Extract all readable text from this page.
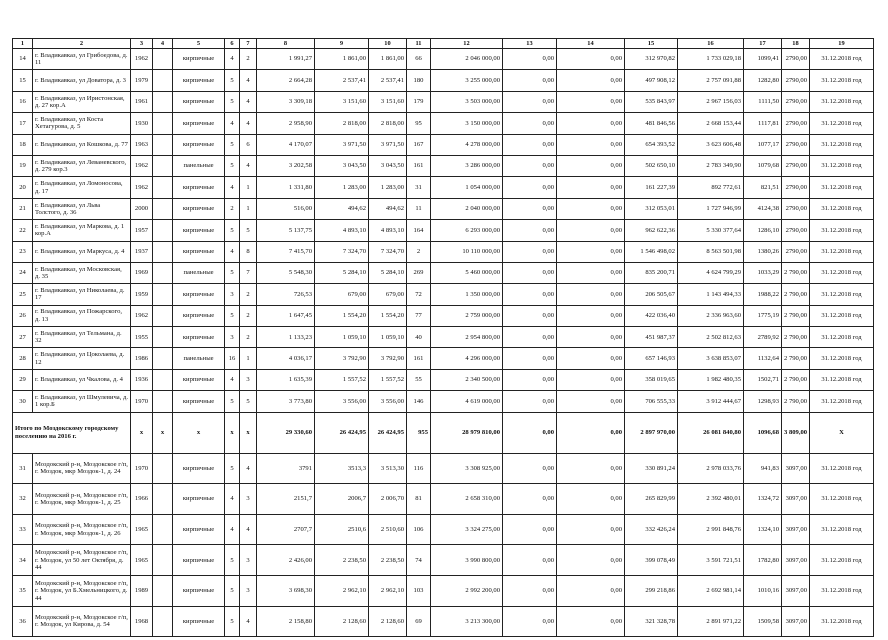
1	2	3	4	5	6	7	8	9	10	11	12	13	14	15	16	17	18	19
14	г. Владикавказ, ул Грибоедова, д. 11	1962		кирпичные	4	2	1 991,27	1 861,00	1 861,00	66	2 046 000,00	0,00	0,00	312 970,82	1 733 029,18	1099,41	2790,00	31.12.2018 год
15	г. Владикавказ, ул Доватора, д. 3	1979		кирпичные	5	4	2 664,28	2 537,41	2 537,41	180	3 255 000,00	0,00	0,00	497 908,12	2 757 091,88	1282,80	2790,00	31.12.2018 год
16	г. Владикавказ, ул Иристонская, д. 27 кор.А	1961		кирпичные	5	4	3 309,18	3 151,60	3 151,60	179	3 503 000,00	0,00	0,00	535 843,97	2 967 156,03	1111,50	2790,00	31.12.2018 год
17	г. Владикавказ, ул Коста Хетагурова, д. 5	1930		кирпичные	4	4	2 958,90	2 818,00	2 818,00	95	3 150 000,00	0,00	0,00	481 846,56	2 668 153,44	1117,81	2790,00	31.12.2018 год
18	г. Владикавказ, ул Кошкова, д. 77	1963		кирпичные	5	6	4 170,07	3 971,50	3 971,50	167	4 278 000,00	0,00	0,00	654 393,52	3 623 606,48	1077,17	2790,00	31.12.2018 год
19	г. Владикавказ, ул Леваневского, д. 279 кор.3	1962		панельные	5	4	3 202,58	3 043,50	3 043,50	161	3 286 000,00	0,00	0,00	502 650,10	2 783 349,90	1079,68	2790,00	31.12.2018 год
20	г. Владикавказ, ул Ломоносова, д. 17	1962		кирпичные	4	1	1 331,80	1 283,00	1 283,00	31	1 054 000,00	0,00	0,00	161 227,39	892 772,61	821,51	2790,00	31.12.2018 год
21	г. Владикавказ, ул Льва Толстого, д. 36	2000		кирпичные	2	1	516,00	494,62	494,62	11	2 040 000,00	0,00	0,00	312 053,01	1 727 946,99	4124,38	2790,00	31.12.2018 год
22	г. Владикавказ, ул Маркова, д. 1 кор.А	1957		кирпичные	5	5	5 137,75	4 893,10	4 893,10	164	6 293 000,00	0,00	0,00	962 622,36	5 330 377,64	1286,10	2790,00	31.12.2018 год
23	г. Владикавказ, ул Маркуса, д. 4	1937		кирпичные	4	8	7 415,70	7 324,70	7 324,70	2	10 110 000,00	0,00	0,00	1 546 498,02	8 563 501,98	1380,26	2790,00	31.12.2018 год
24	г. Владикавказ, ул Московская, д. 35	1969		панельные	5	7	5 548,30	5 284,10	5 284,10	269	5 460 000,00	0,00	0,00	835 200,71	4 624 799,29	1033,29	2 790,00	31.12.2018 год
25	г. Владикавказ, ул Николаева, д. 17	1959		кирпичные	3	2	726,53	679,00	679,00	72	1 350 000,00	0,00	0,00	206 505,67	1 143 494,33	1988,22	2 790,00	31.12.2018 год
26	г. Владикавказ, ул Пожарского, д. 13	1962		кирпичные	5	2	1 647,45	1 554,20	1 554,20	77	2 759 000,00	0,00	0,00	422 036,40	2 336 963,60	1775,19	2 790,00	31.12.2018 год
27	г. Владикавказ, ул Тельмана, д. 32	1955		кирпичные	3	2	1 133,23	1 059,10	1 059,10	40	2 954 800,00	0,00	0,00	451 987,37	2 502 812,63	2789,92	2 790,00	31.12.2018 год
28	г. Владикавказ, ул Цоколаева, д. 12	1986		панельные	16	1	4 036,17	3 792,90	3 792,90	161	4 296 000,00	0,00	0,00	657 146,93	3 638 853,07	1132,64	2 790,00	31.12.2018 год
29	г. Владикавказ, ул Чкалова, д. 4	1936		кирпичные	4	3	1 635,39	1 557,52	1 557,52	55	2 340 500,00	0,00	0,00	358 019,65	1 982 480,35	1502,71	2 790,00	31.12.2018 год
30	г. Владикавказ, ул Шмулевича, д. 1 кор.Б	1970		кирпичные	5	5	3 773,80	3 556,00	3 556,00	146	4 619 000,00	0,00	0,00	706 555,33	3 912 444,67	1298,93	2 790,00	31.12.2018 год
Итого по Моздокскому городскому поселению на 2016 г.		x	x	x	x	x	29 330,60	26 424,95	26 424,95	955	28 979 810,00	0,00	0,00	2 897 970,00	26 081 840,80	1096,68	3 809,00	X
31	Моздокский р-н, Моздокское г/п, г. Моздок, мкр Моздок-1, д. 24	1970		кирпичные	5	4	3791	3513,3	3 513,30	116	3 308 925,00	0,00	0,00	330 891,24	2 978 033,76	941,83	3097,00	31.12.2018 год
32	Моздокский р-н, Моздокское г/п, г. Моздок, мкр Моздок-1, д. 25	1966		кирпичные	4	3	2151,7	2006,7	2 006,70	81	2 658 310,00	0,00	0,00	265 829,99	2 392 480,01	1324,72	3097,00	31.12.2018 год
33	Моздокский р-н, Моздокское г/п, г. Моздок, мкр Моздок-1, д. 26	1965		кирпичные	4	4	2707,7	2510,6	2 510,60	106	3 324 275,00	0,00	0,00	332 426,24	2 991 848,76	1324,10	3097,00	31.12.2018 год
34	Моздокский р-н, Моздокское г/п, г. Моздок, ул 50 лет Октября, д. 44	1965		кирпичные	5	3	2 426,00	2 238,50	2 238,50	74	3 990 800,00	0,00	0,00	399 078,49	3 591 721,51	1782,80	3097,00	31.12.2018 год
35	Моздокский р-н, Моздокское г/п, г. Моздок, ул Б.Хмельницкого, д. 44	1989		кирпичные	5	3	3 698,30	2 962,10	2 962,10	103	2 992 200,00	0,00	0,00	299 218,86	2 692 981,14	1010,16	3097,00	31.12.2018 год
36	Моздокский р-н, Моздокское г/п, г. Моздок, ул Кирова, д. 54	1968		кирпичные	5	4	2 158,80	2 128,60	2 128,60	69	3 213 300,00	0,00	0,00	321 328,78	2 891 971,22	1509,58	3097,00	31.12.2018 год
